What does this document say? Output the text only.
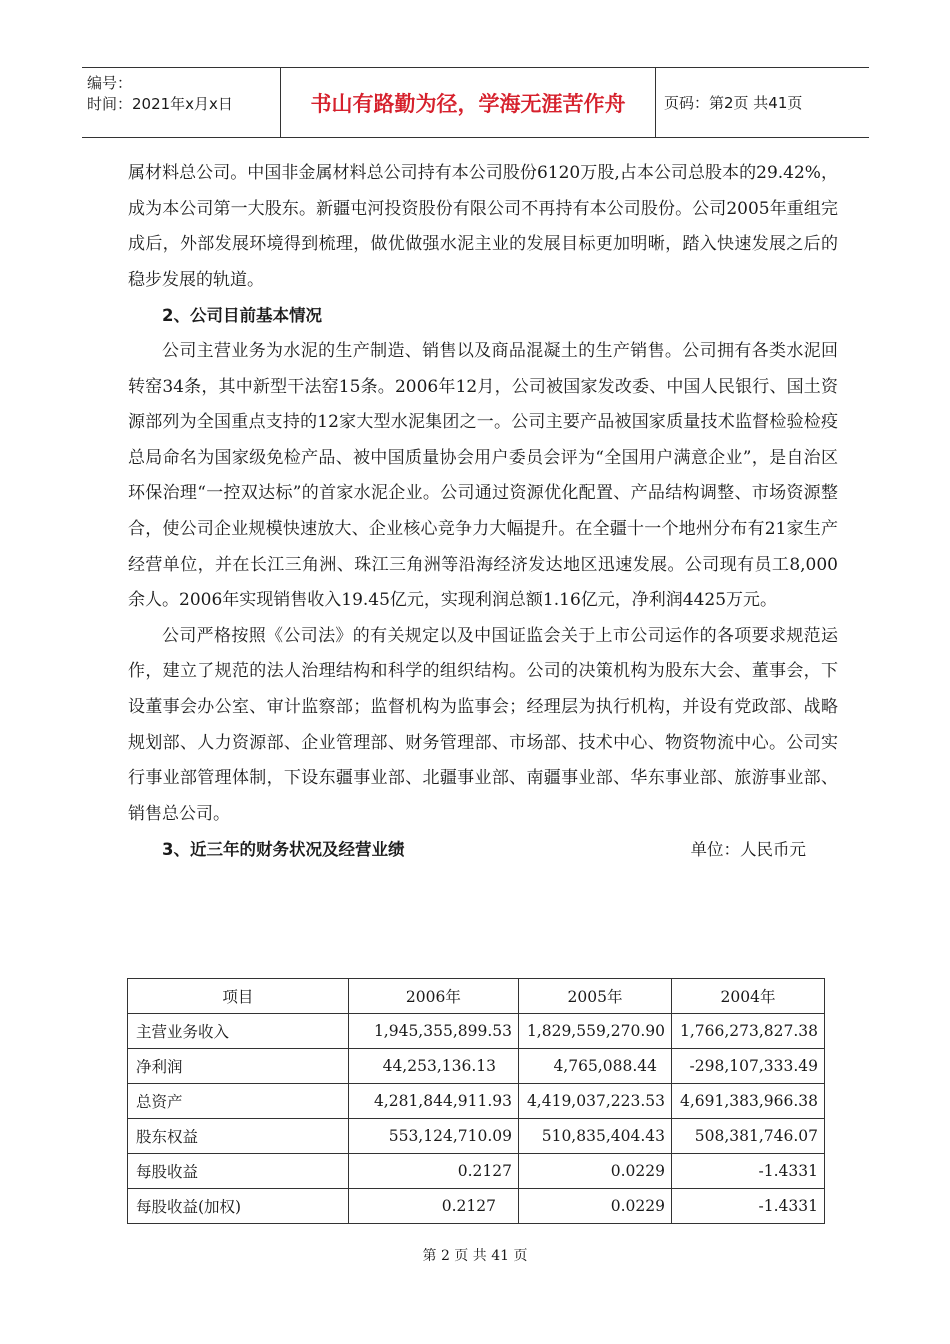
编号：
时间：2021年x月x日	书山有路勤为径，学海无涯苦作舟	页码：第2页 共41页

属材料总公司。中国非金属材料总公司持有本公司股份6120万股,占本公司总股本的29.42%，成为本公司第一大股东。新疆屯河投资股份有限公司不再持有本公司股份。公司2005年重组完成后，外部发展环境得到梳理，做优做强水泥主业的发展目标更加明晰，踏入快速发展之后的稳步发展的轨道。

2、公司目前基本情况

公司主营业务为水泥的生产制造、销售以及商品混凝土的生产销售。公司拥有各类水泥回转窑34条，其中新型干法窑15条。2006年12月，公司被国家发改委、中国人民银行、国土资源部列为全国重点支持的12家大型水泥集团之一。公司主要产品被国家质量技术监督检验检疫总局命名为国家级免检产品、被中国质量协会用户委员会评为“全国用户满意企业”，是自治区环保治理“一控双达标”的首家水泥企业。公司通过资源优化配置、产品结构调整、市场资源整合，使公司企业规模快速放大、企业核心竞争力大幅提升。在全疆十一个地州分布有21家生产经营单位，并在长江三角洲、珠江三角洲等沿海经济发达地区迅速发展。公司现有员工8,000余人。2006年实现销售收入19.45亿元，实现利润总额1.16亿元，净利润4425万元。

公司严格按照《公司法》的有关规定以及中国证监会关于上市公司运作的各项要求规范运作，建立了规范的法人治理结构和科学的组织结构。公司的决策机构为股东大会、董事会，下设董事会办公室、审计监察部；监督机构为监事会；经理层为执行机构，并设有党政部、战略规划部、人力资源部、企业管理部、财务管理部、市场部、技术中心、物资物流中心。公司实行事业部管理体制，下设东疆事业部、北疆事业部、南疆事业部、华东事业部、旅游事业部、销售总公司。

3、近三年的财务状况及经营业绩	单位：人民币元

项目	2006年	2005年	2004年
主营业务收入	1,945,355,899.53	1,829,559,270.90	1,766,273,827.38
净利润	44,253,136.13	4,765,088.44	-298,107,333.49
总资产	4,281,844,911.93	4,419,037,223.53	4,691,383,966.38
股东权益	553,124,710.09	510,835,404.43	508,381,746.07
每股收益	0.2127	0.0229	-1.4331
每股收益(加权)	0.2127	0.0229	-1.4331
第 2 页 共 41 页
